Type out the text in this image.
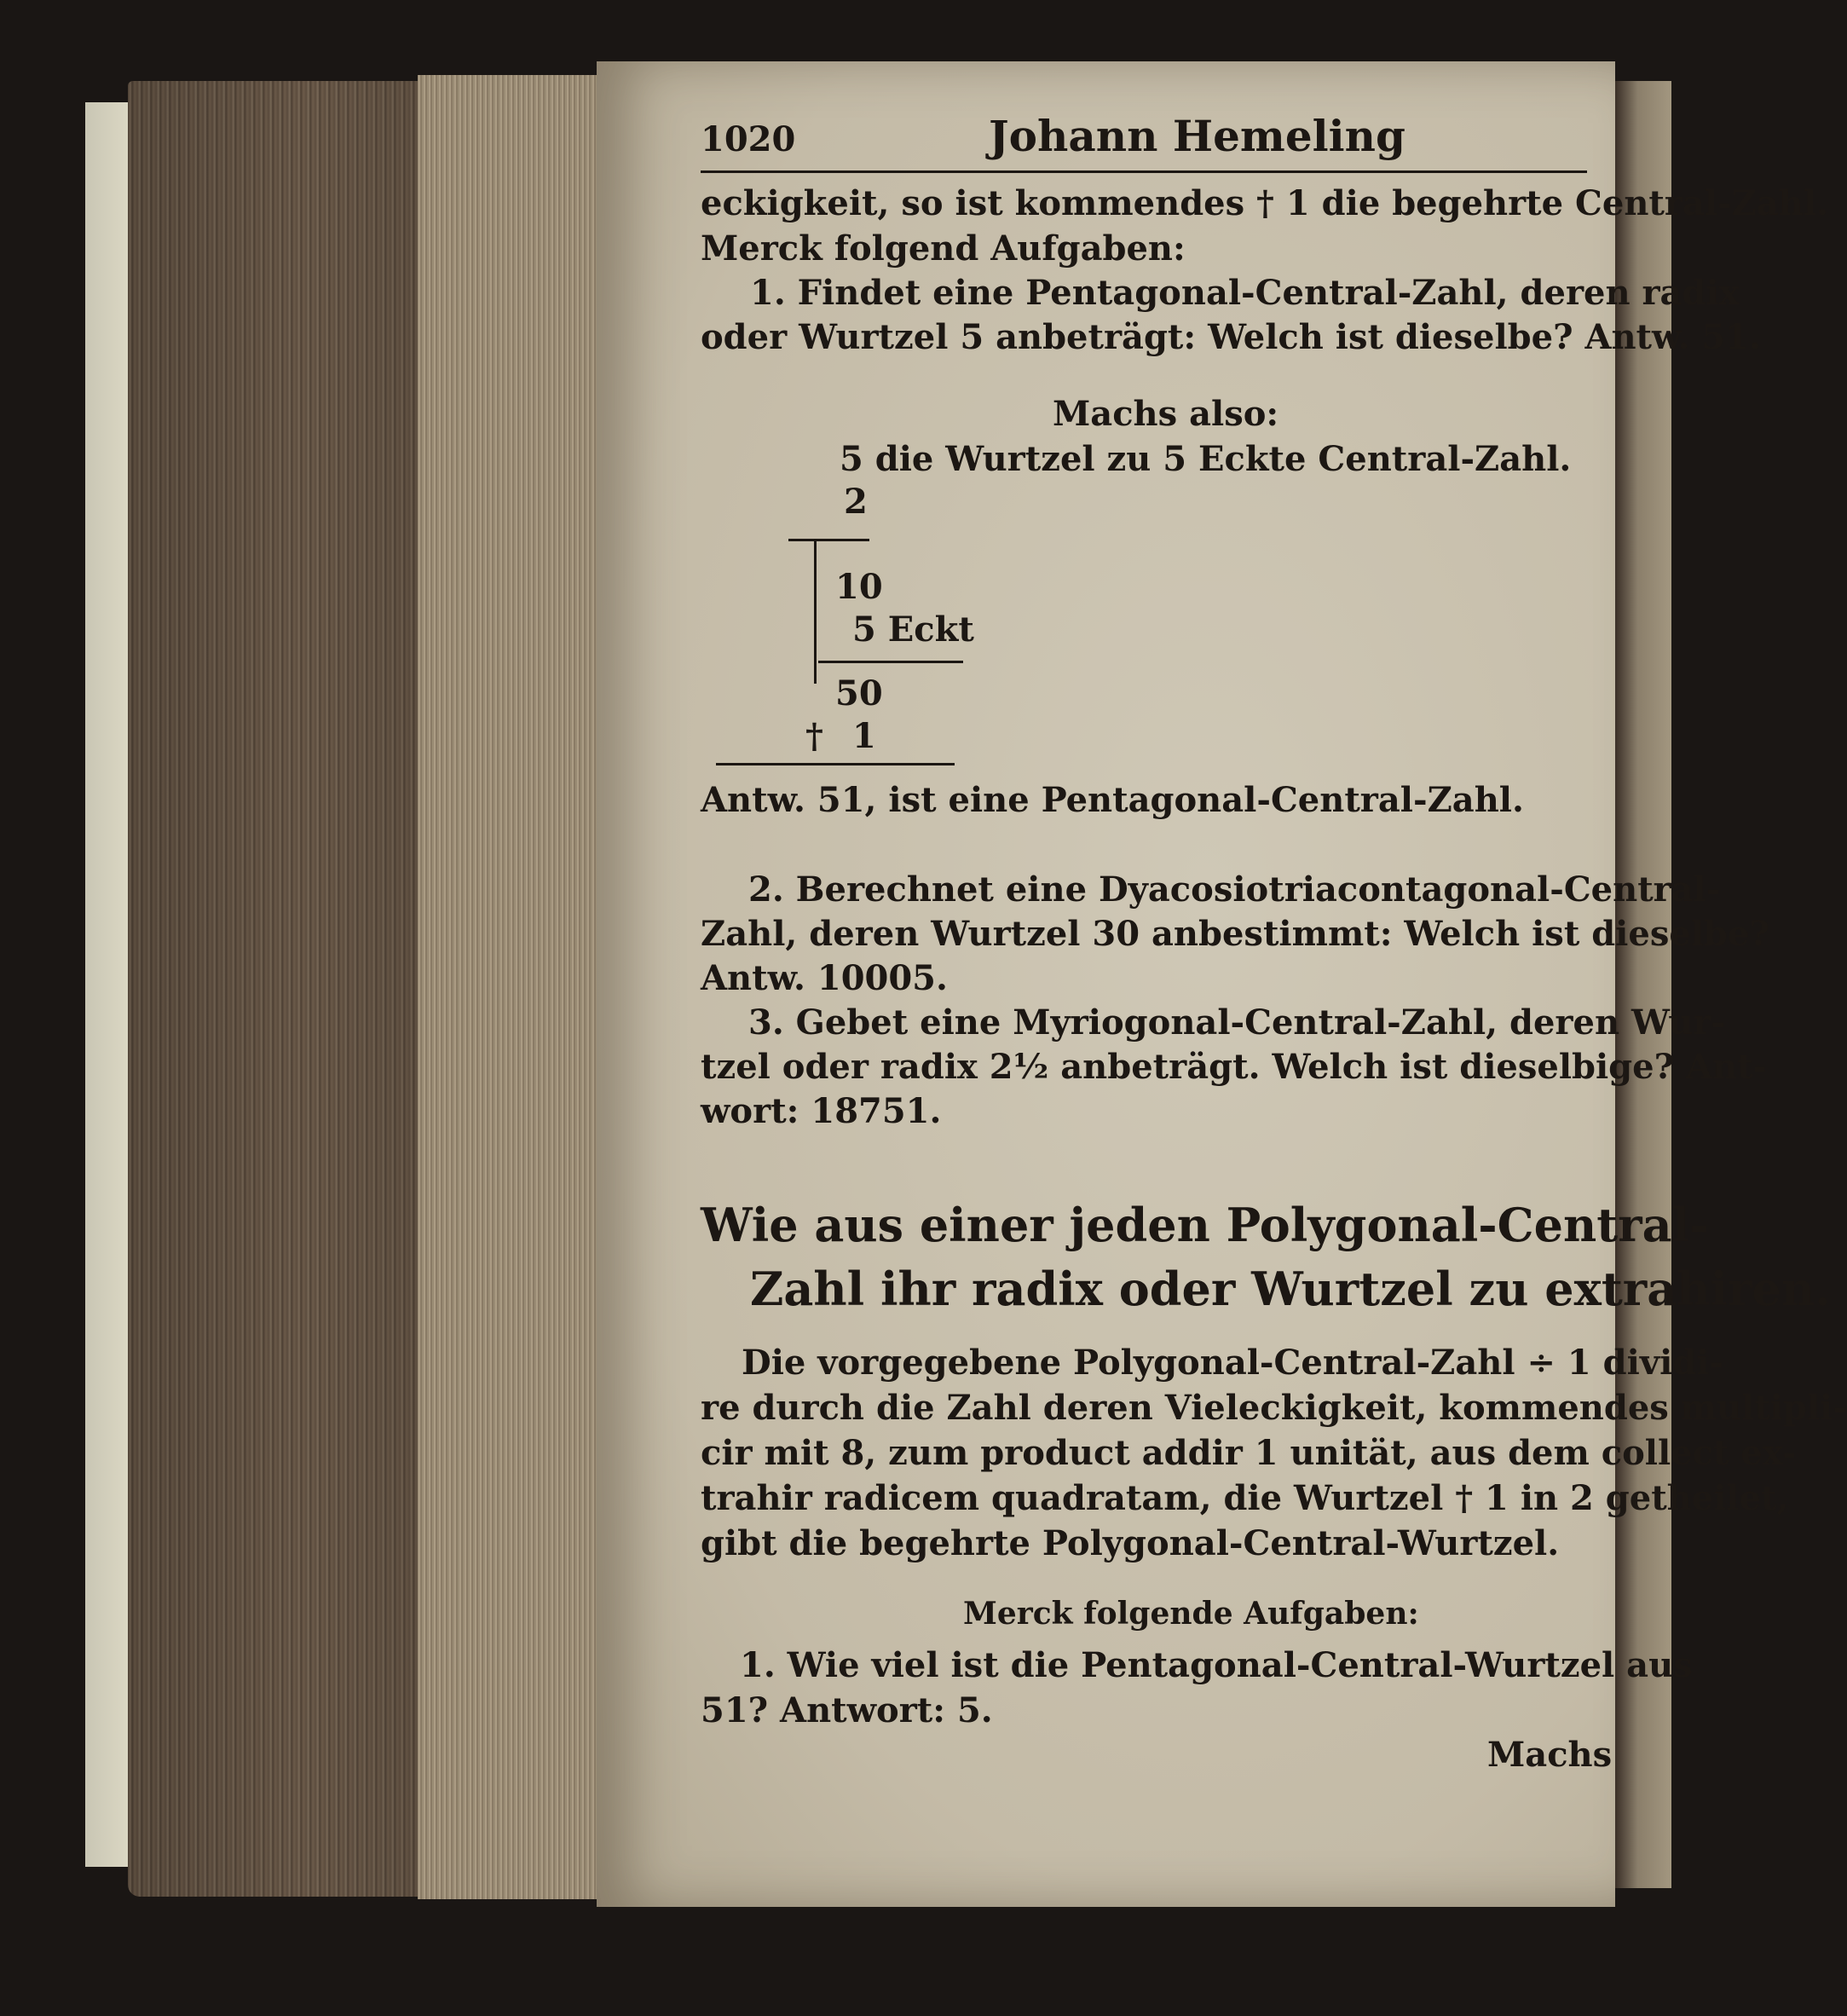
1020	Johann Hemeling
eckigkeit, so ist kommendes † 1 die begehrte Central-Zahl.
Merck folgend Aufgaben:
1. Findet eine Pentagonal-Central-Zahl, deren radix
oder Wurtzel 5 anbeträgt: Welch ist dieselbe? Antw. 51.
Machs also:
5 die Wurtzel zu 5 Eckte Central-Zahl.
2
10
5 Eckt
50
† 1
Antw. 51, ist eine Pentagonal-Central-Zahl.
2. Berechnet eine Dyacosiotriacontagonal-Central-
Zahl, deren Wurtzel 30 anbestimmt: Welch ist dieselbe?
Antw. 10005.
3. Gebet eine Myriogonal-Central-Zahl, deren Wur-
tzel oder radix 2½ anbeträgt. Welch ist dieselbige? Ant-
wort: 18751.
Wie aus einer jeden Polygonal-Central-
Zahl ihr radix oder Wurtzel zu extrahiren.
Die vorgegebene Polygonal-Central-Zahl ÷ 1 dividi-
re durch die Zahl deren Vieleckigkeit, kommendes multipli-
cir mit 8, zum product addir 1 unität, aus dem collect ex-
trahir radicem quadratam, die Wurtzel † 1 in 2 getheilet,
gibt die begehrte Polygonal-Central-Wurtzel.
Merck folgende Aufgaben:
1. Wie viel ist die Pentagonal-Central-Wurtzel aus
51? Antwort: 5.
Machs
